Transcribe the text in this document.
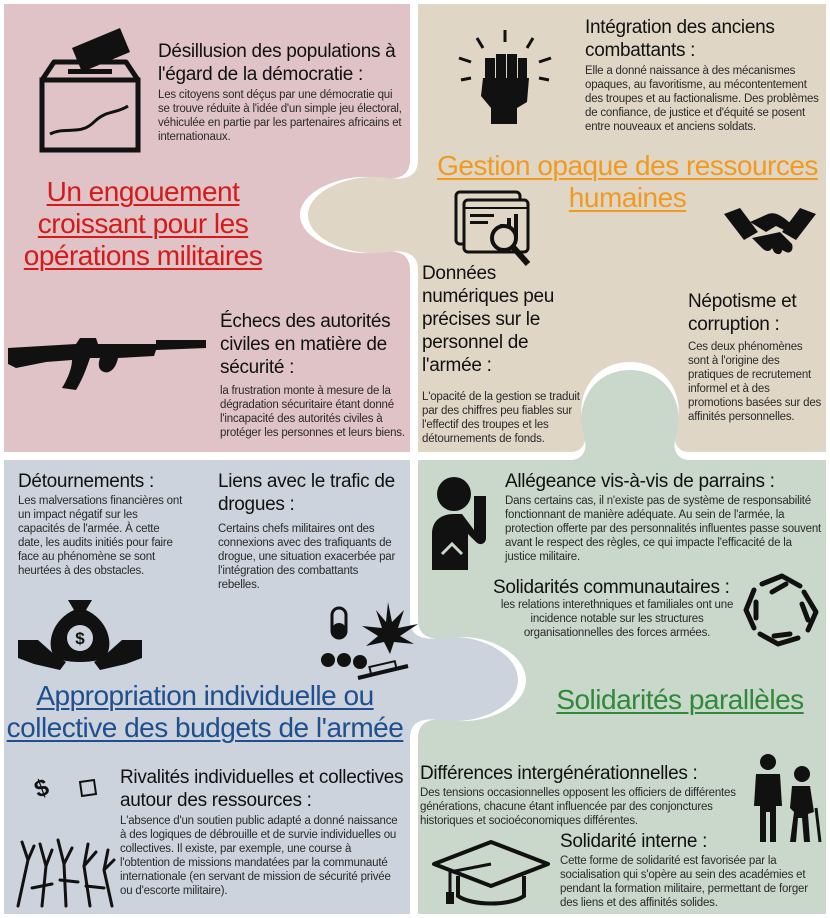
Désillusion des populations à l'égard de la démocratie :
Les citoyens sont déçus par une démocratie qui se trouve réduite à l'idée d'un simple jeu électoral, véhiculée en partie par les partenaires africains et internationaux.
Un engouement croissant pour les opérations militaires
Échecs des autorités civiles en matière de sécurité :
la frustration monte à mesure de la dégradation sécuritaire étant donné l'incapacité des autorités civiles à protéger les personnes et leurs biens.
Intégration des anciens combattants :
Elle a donné naissance à des mécanismes opaques, au favoritisme, au mécontentement des troupes et au factionalisme. Des problèmes de confiance, de justice et d'équité se posent entre nouveaux et anciens soldats.
Gestion opaque des ressources humaines
Données numériques peu précises sur le personnel de l'armée :
L'opacité de la gestion se traduit par des chiffres peu fiables sur l'effectif des troupes et les détournements de fonds.
Népotisme et corruption :
Ces deux phénomènes sont à l'origine des pratiques de recrutement informel et à des promotions basées sur des affinités personnelles.
Détournements :
Les malversations financières ont un impact négatif sur les capacités de l'armée. À cette date, les audits initiés pour faire face au phénomène se sont heurtées à des obstacles.
Liens avec le trafic de drogues :
Certains chefs militaires ont des connexions avec des trafiquants de drogue, une situation exacerbée par l'intégration des combattants rebelles.
$
Appropriation individuelle ou collective des budgets de l'armée
$	Rivalités individuelles et collectives autour des ressources :
L'absence d'un soutien public adapté a donné naissance à des logiques de débrouille et de survie individuelles ou collectives. Il existe, par exemple, une course à l'obtention de missions mandatées par la communauté internationale (en servant de mission de sécurité privée ou d'escorte militaire).
Allégeance vis-à-vis de parrains :
Dans certains cas, il n'existe pas de système de responsabilité fonctionnant de manière adéquate. Au sein de l'armée, la protection offerte par des personnalités influentes passe souvent avant le respect des règles, ce qui impacte l'efficacité de la justice militaire.
Solidarités communautaires :
les relations interethniques et familiales ont une incidence notable sur les structures organisationnelles des forces armées.
Solidarités parallèles
Différences intergénérationnelles :
Des tensions occasionnelles opposent les officiers de différentes générations, chacune étant influencée par des conjonctures historiques et socioéconomiques différentes.
Solidarité interne :
Cette forme de solidarité est favorisée par la socialisation qui s'opère au sein des académies et pendant la formation militaire, permettant de forger des liens et des affinités solides.
